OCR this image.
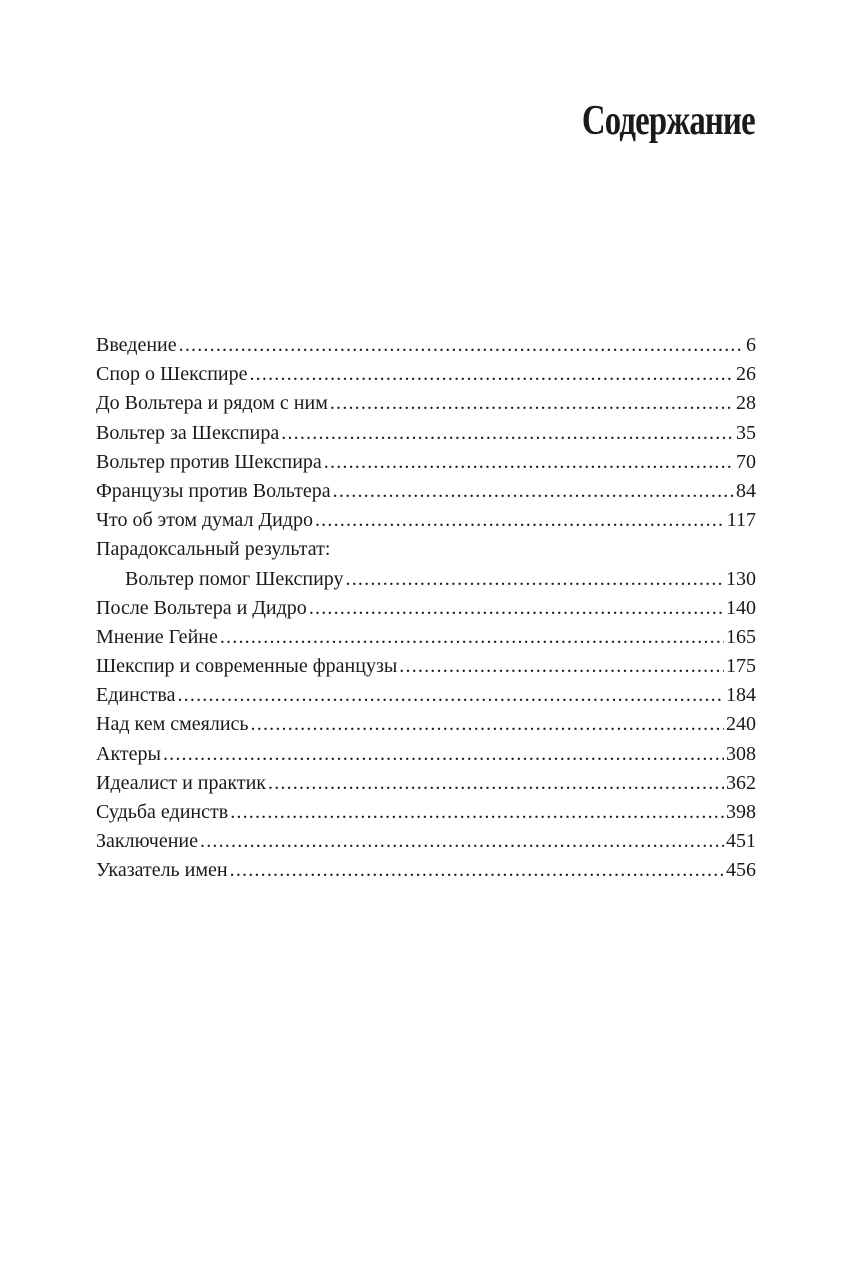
Содержание
Введение .....	6
Спор о Шекспире .....	26
До Вольтера и рядом с ним .....	28
Вольтер за Шекспира .....	35
Вольтер против Шекспира .....	70
Французы против Вольтера .....	84
Что об этом думал Дидро .....	117
Парадоксальный результат:
Вольтер помог Шекспиру .....	130
После Вольтера и Дидро .....	140
Мнение Гейне .....	165
Шекспир и современные французы .....	175
Единства .....	184
Над кем смеялись .....	240
Актеры .....	308
Идеалист и практик .....	362
Судьба единств .....	398
Заключение .....	451
Указатель имен .....	456
